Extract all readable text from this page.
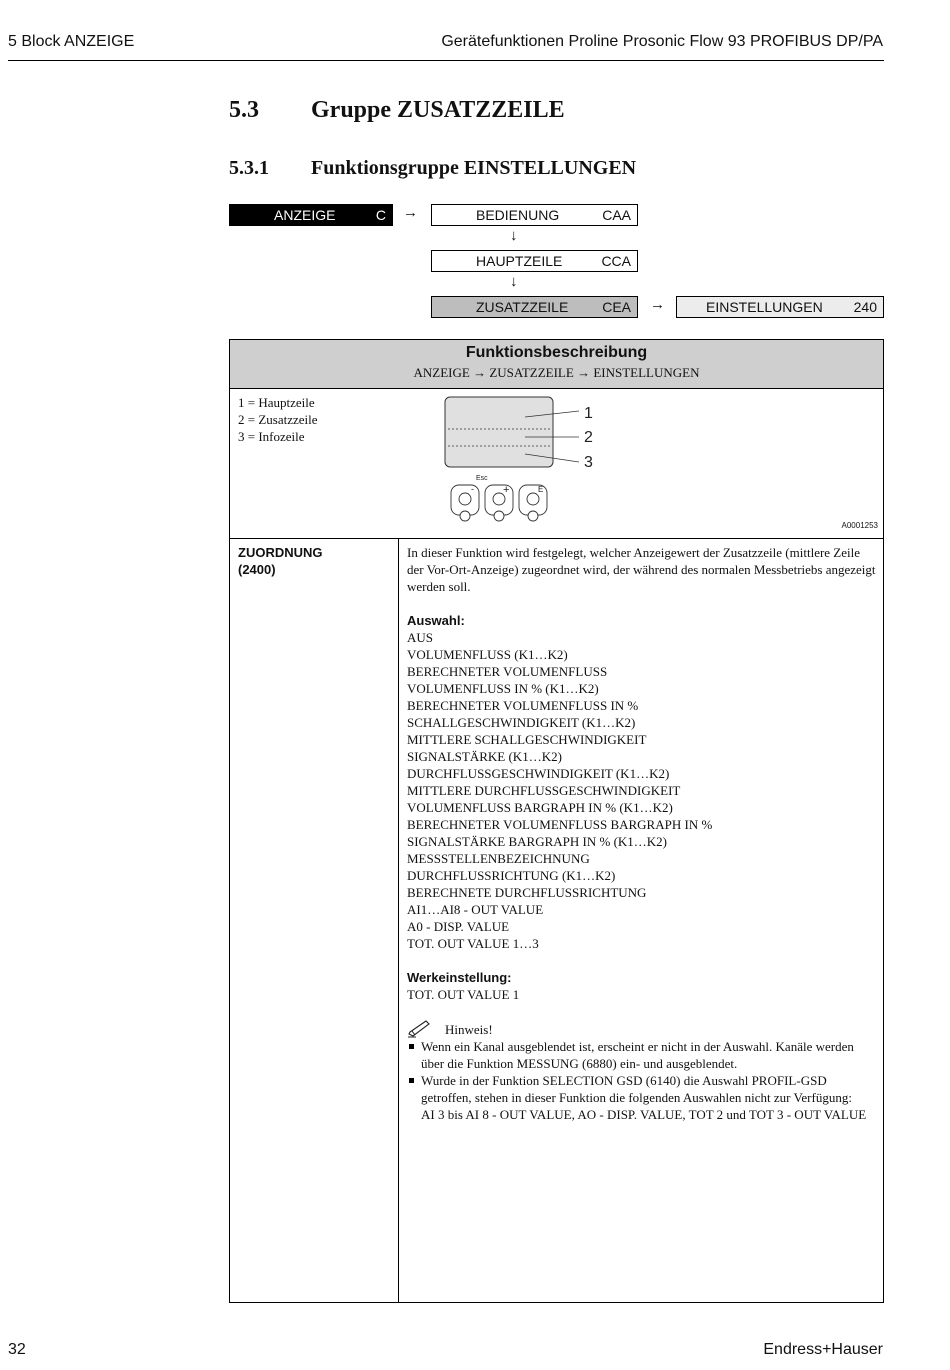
5 Block ANZEIGE	Gerätefunktionen Proline Prosonic Flow 93 PROFIBUS DP/PA
5.3 Gruppe ZUSATZZEILE
5.3.1 Funktionsgruppe EINSTELLUNGEN
ANZEIGE	C →	BEDIENUNG	CAA
↓
HAUPTZEILE	CCA
↓
ZUSATZZEILE CEA →	EINSTELLUNGEN 240
Funktionsbeschreibung
ANZEIGE → ZUSATZZEILE → EINSTELLUNGEN
1 = Hauptzeile
2 = Zusatzzeile
3 = Infozeile
1
2
3
Esc
-	+	E
A0001253
ZUORDNUNG
(2400)

In dieser Funktion wird festgelegt, welcher Anzeigewert der Zusatzzeile (mittlere Zeile der Vor-Ort-Anzeige) zugeordnet wird, der während des normalen Messbetriebs angezeigt werden soll.

Auswahl:

AUS
VOLUMENFLUSS (K1…K2)
BERECHNETER VOLUMENFLUSS
VOLUMENFLUSS IN % (K1…K2)
BERECHNETER VOLUMENFLUSS IN %
SCHALLGESCHWINDIGKEIT (K1…K2)
MITTLERE SCHALLGESCHWINDIGKEIT
SIGNALSTÄRKE (K1…K2)
DURCHFLUSSGESCHWINDIGKEIT (K1…K2)
MITTLERE DURCHFLUSSGESCHWINDIGKEIT
VOLUMENFLUSS BARGRAPH IN % (K1…K2)
BERECHNETER VOLUMENFLUSS BARGRAPH IN %
SIGNALSTÄRKE BARGRAPH IN % (K1…K2)
MESSSTELLENBEZEICHNUNG
DURCHFLUSSRICHTUNG (K1…K2)
BERECHNETE DURCHFLUSSRICHTUNG
AI1…AI8 - OUT VALUE
A0 - DISP. VALUE
TOT. OUT VALUE 1…3

Werkeinstellung:

TOT. OUT VALUE 1

Hinweis!
Wenn ein Kanal ausgeblendet ist, erscheint er nicht in der Auswahl. Kanäle werden über die Funktion MESSUNG (6880) ein- und ausgeblendet.
Wurde in der Funktion SELECTION GSD (6140) die Auswahl PROFIL-GSD getroffen, stehen in dieser Funktion die folgenden Auswahlen nicht zur Verfügung:
AI 3 bis AI 8 - OUT VALUE, AO - DISP. VALUE, TOT 2 und TOT 3 - OUT VALUE
32	Endress+Hauser
